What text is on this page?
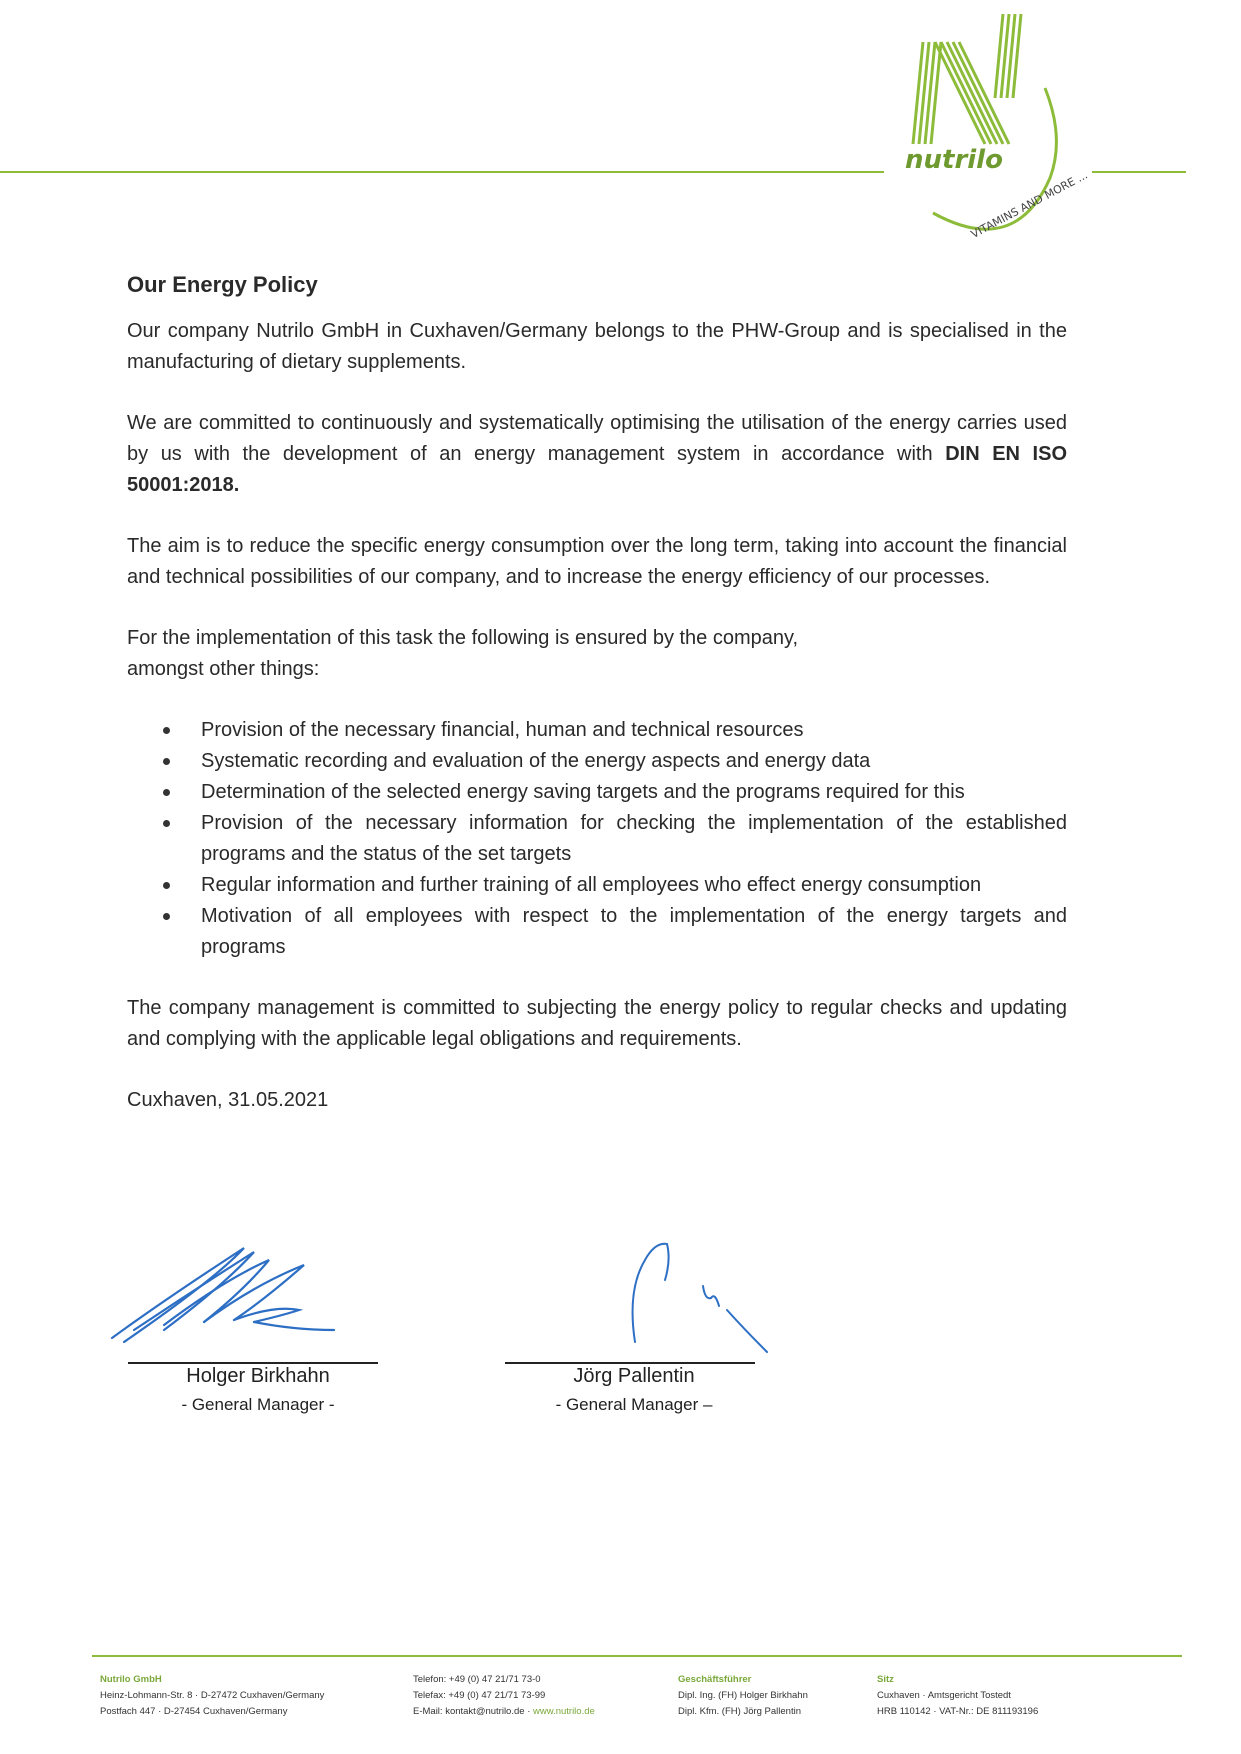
nutrilo
VITAMINS AND MORE ...
Our Energy Policy

Our company Nutrilo GmbH in Cuxhaven/Germany belongs to the PHW-Group and is specialised in the manufacturing of dietary supplements.

We are committed to continuously and systematically optimising the utilisation of the energy carries used by us with the development of an energy management system in accordance with DIN EN ISO 50001:2018.

The aim is to reduce the specific energy consumption over the long term, taking into account the financial and technical possibilities of our company, and to increase the energy efficiency of our processes.

For the implementation of this task the following is ensured by the company,
amongst other things:

Provision of the necessary financial, human and technical resources
Systematic recording and evaluation of the energy aspects and energy data
Determination of the selected energy saving targets and the programs required for this
Provision of the necessary information for checking the implementation of the established programs and the status of the set targets
Regular information and further training of all employees who effect energy consumption
Motivation of all employees with respect to the implementation of the energy targets and programs

The company management is committed to subjecting the energy policy to regular checks and updating and complying with the applicable legal obligations and requirements.

Cuxhaven, 31.05.2021

Holger Birkhahn
- General Manager -
Jörg Pallentin
- General Manager –
Nutrilo GmbH
Heinz-Lohmann-Str. 8 · D-27472 Cuxhaven/Germany
Postfach 447 · D-27454 Cuxhaven/Germany
Telefon: +49 (0) 47 21/71 73-0
Telefax: +49 (0) 47 21/71 73-99
E-Mail: kontakt@nutrilo.de · www.nutrilo.de
Geschäftsführer
Dipl. Ing. (FH) Holger Birkhahn
Dipl. Kfm. (FH) Jörg Pallentin
Sitz
Cuxhaven · Amtsgericht Tostedt
HRB 110142 · VAT-Nr.: DE 811193196
